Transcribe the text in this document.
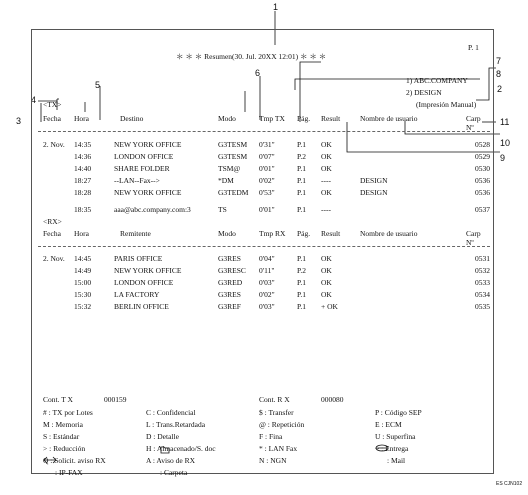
1
2
3
4
5
6
7
8
9
10
11
P. 1
＊ ＊ ＊ Resumen(30. Jul. 20XX 12:01) ＊ ＊ ＊
1) ABC.COMPANY
2) DESIGN
(Impresión Manual)
<TX>
Fecha Hora	Destino	Modo	Tmp TX Pág. Result	Nombre de usuario	Carp
Nº
2. Nov. 14:35	NEW YORK OFFICE	G3TESM 0'31"	P.1 OK	0528
14:36	LONDON OFFICE	G3TESM 0'07"	P.2 OK	0529
14:40	SHARE FOLDER	TSM@ 0'01"	P.1 OK	0530
18:27	--LAN--Fax-->	*DM	0'02"	P.1 ----	DESIGN	0536
18:28	NEW YORK OFFICE	G3TEDM 0'53"	P.1 OK	DESIGN	0536
18:35	aaa@abc.company.com:3	TS	0'01"	P.1 ----	0537
<RX>
Fecha Hora	Remitente	Modo	Tmp RX Pág. Result	Nombre de usuario	Carp
Nº
2. Nov. 14:45	PARIS OFFICE	G3RES 0'04"	P.1 OK	0531
14:49	NEW YORK OFFICE	G3RESC 0'11"	P.2 OK	0532
15:00	LONDON OFFICE	G3RED 0'03"	P.1 OK	0533
15:30	LA FACTORY	G3RES 0'02"	P.1 OK	0534
15:32	BERLIN OFFICE	G3REF 0'03"	P.1 + OK	0535
Cont. T X	000159	Cont. R X	000080
# : TX por Lotes	C : Confidencial	$ : Transfer	P : Código SEP
M : Memoria	L : Trans.Retardada	@ : Repetición	E : ECM
S : Estándar	D : Detalle	F : Fina	U : Superfina
> : Reducción	H : Almacenado/S. doc	* : LAN Fax	+ : Entrega
Q : Solicit. aviso RX	A : Aviso de RX	N : NGN	: Mail
: IP-FAX	: Carpeta
ES CJN102
